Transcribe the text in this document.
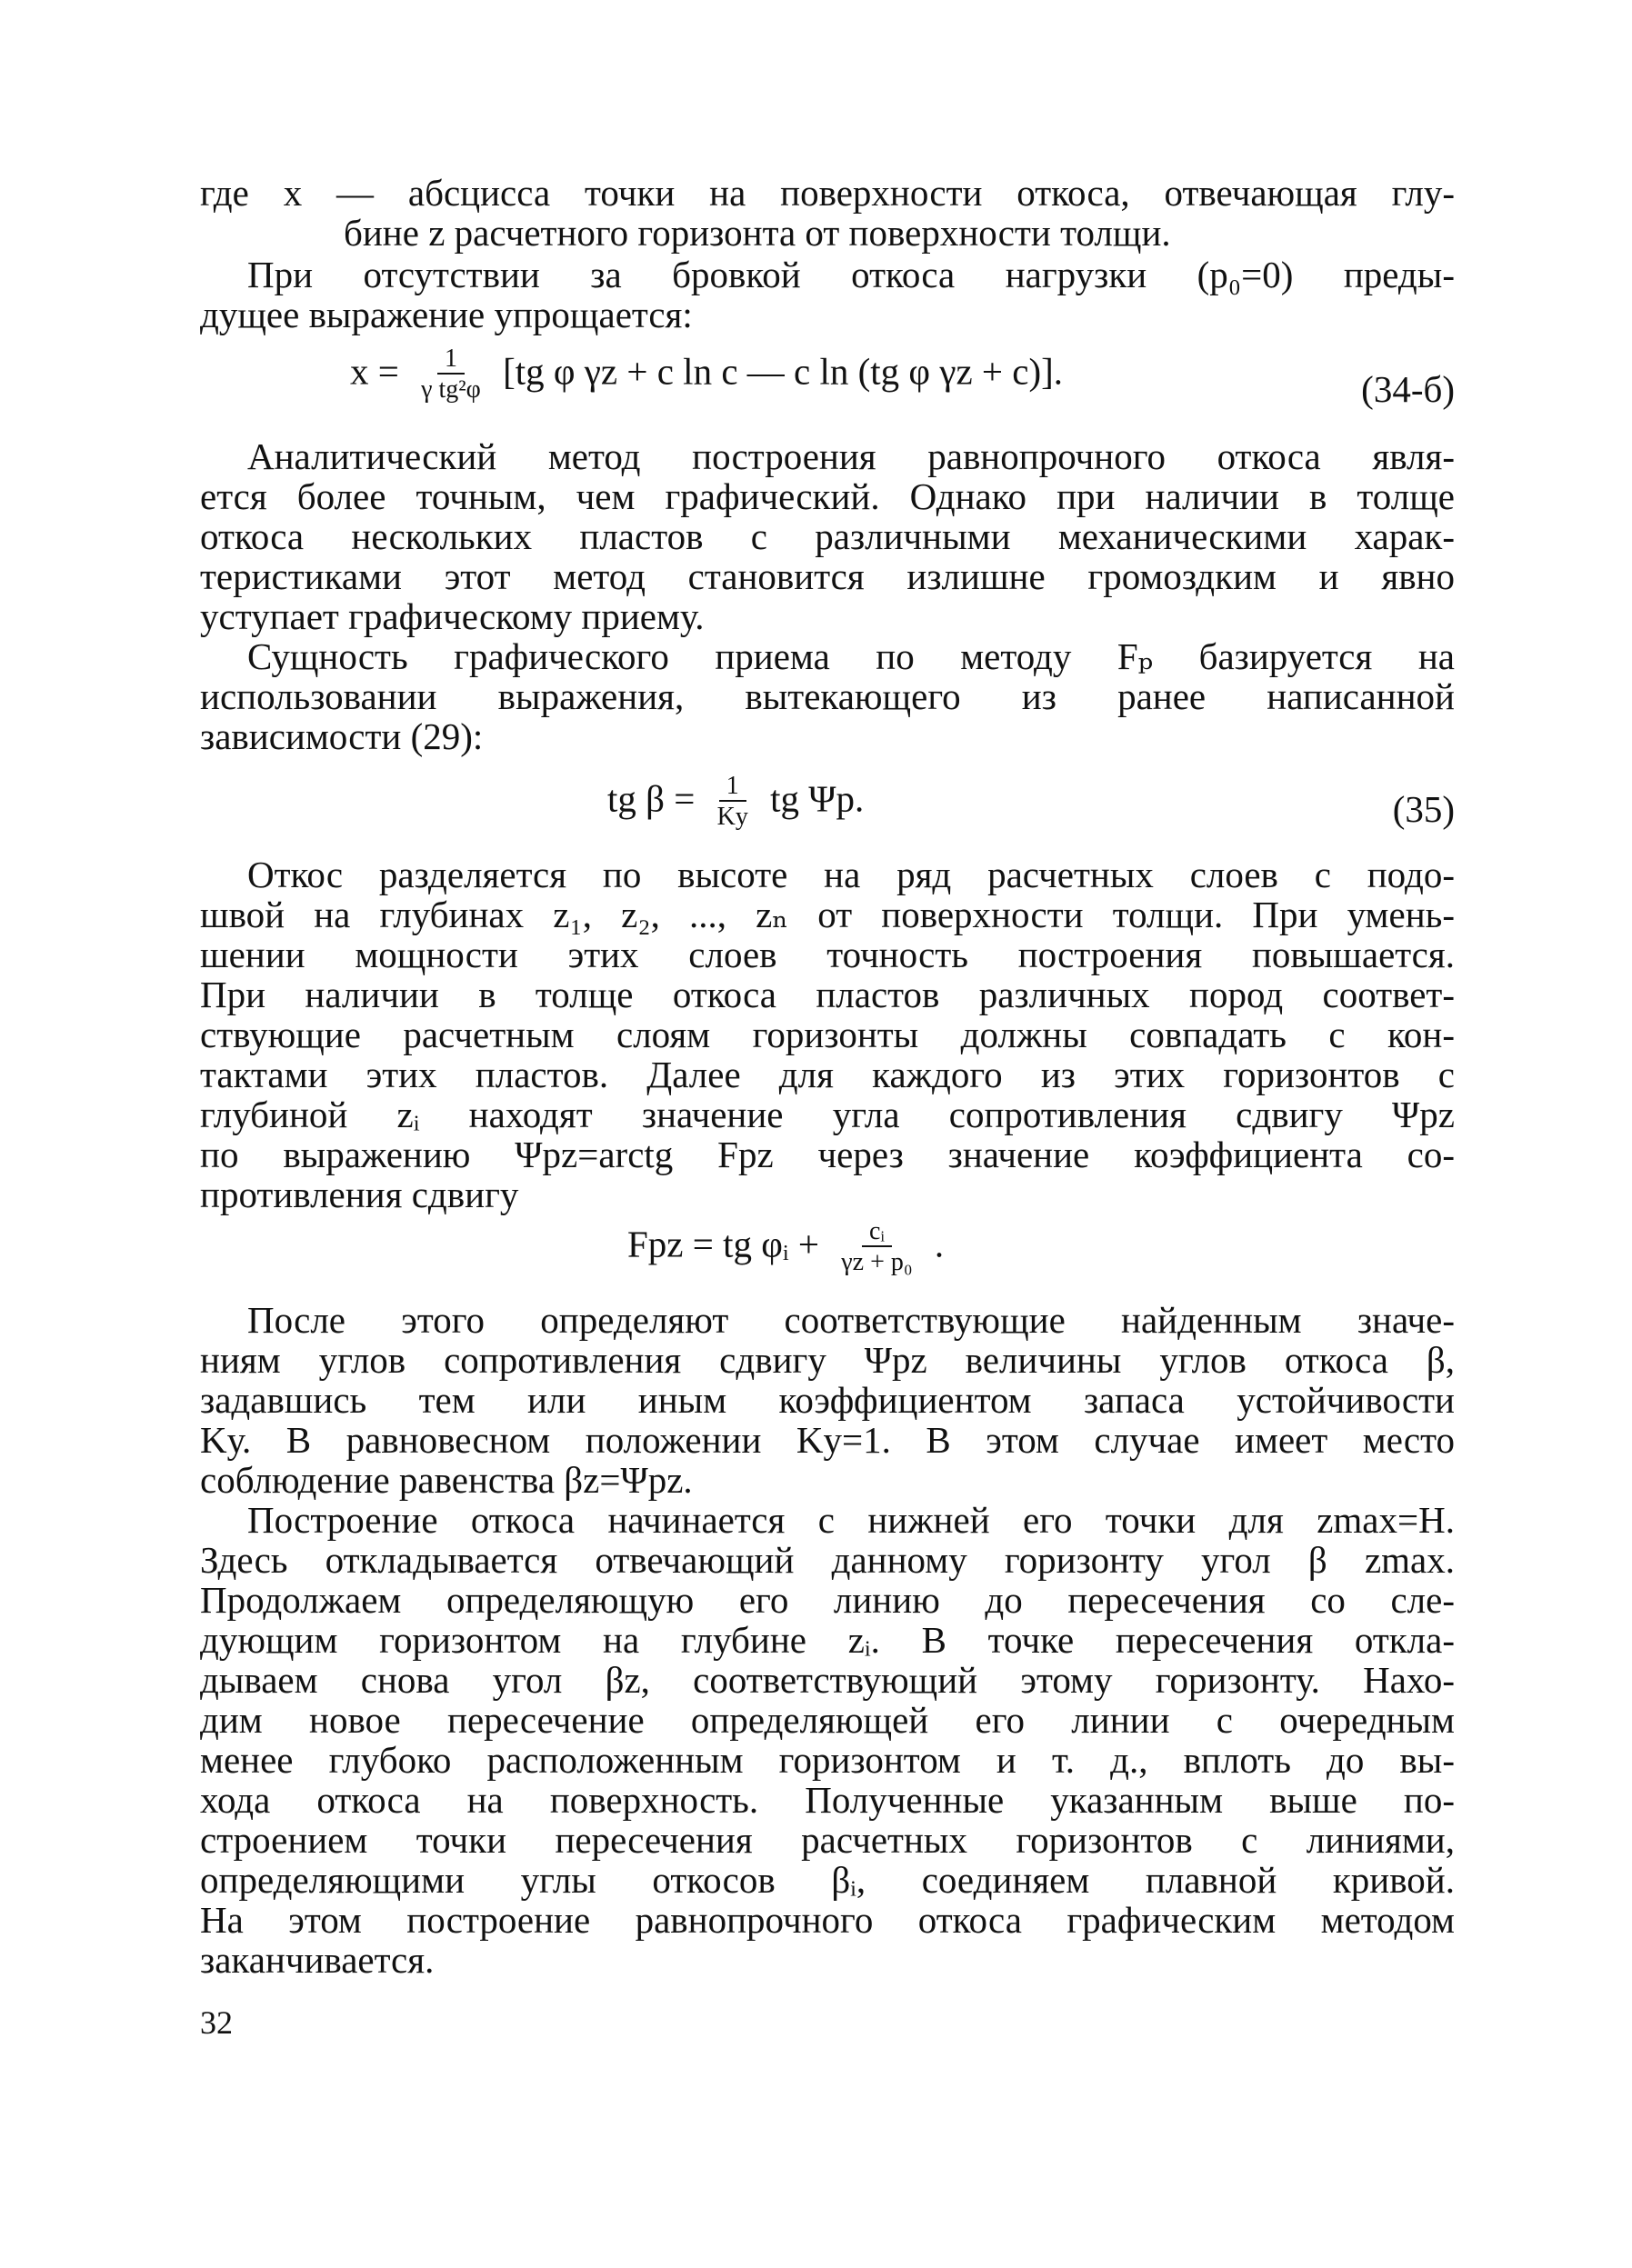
где x — абсцисса точки на поверхности откоса, отвечающая глу-
бине z расчетного горизонта от поверхности толщи.
При отсутствии за бровкой откоса нагрузки (p₀=0) преды-
дущее выражение упрощается:
$x = \frac{1}{\text{γ tg²φ}} [tg$ φ γz + c ln c — c ln (tg φ γz + c)].	(34-б)
Аналитический метод построения равнопрочного откоса явля-
ется более точным, чем графический. Однако при наличии в толще
откоса нескольких пластов с различными механическими харак-
теристиками этот метод становится излишне громоздким и явно
уступает графическому приему.
Сущность графического приема по методу Fₚ базируется на
использовании выражения, вытекающего из ранее написанной
зависимости (29):
tg $\beta = \frac{1}{Kу}$ tg Ψp.	(35)
Откос разделяется по высоте на ряд расчетных слоев с подо-
швой на глубинах z₁, z₂, ..., zₙ от поверхности толщи. При умень-
шении мощности этих слоев точность построения повышается.
При наличии в толще откоса пластов различных пород соответ-
ствующие расчетным слоям горизонты должны совпадать с кон-
тактами этих пластов. Далее для каждого из этих горизонтов с
глубиной zᵢ находят значение угла сопротивления сдвигу Ψpz
по выражению Ψpz=arctg Fpz через значение коэффициента со-
противления сдвигу
Fpz = tg φᵢ + $\frac{\text{cᵢ}}{\text{γz + p₀}}$ .
После этого определяют соответствующие найденным значе-
ниям углов сопротивления сдвигу Ψpz величины углов откоса β,
задавшись тем или иным коэффициентом запаса устойчивости
Kу. В равновесном положении Kу=1. В этом случае имеет место
соблюдение равенства βz=Ψpz.
Построение откоса начинается с нижней его точки для zmax=H.
Здесь откладывается отвечающий данному горизонту угол β zmax.
Продолжаем определяющую его линию до пересечения со сле-
дующим горизонтом на глубине zᵢ. В точке пересечения откла-
дываем снова угол βz, соответствующий этому горизонту. Нахо-
дим новое пересечение определяющей его линии с очередным
менее глубоко расположенным горизонтом и т. д., вплоть до вы-
хода откоса на поверхность. Полученные указанным выше по-
строением точки пересечения расчетных горизонтов с линиями,
определяющими углы откосов βᵢ, соединяем плавной кривой.
На этом построение равнопрочного откоса графическим методом
заканчивается.
32
